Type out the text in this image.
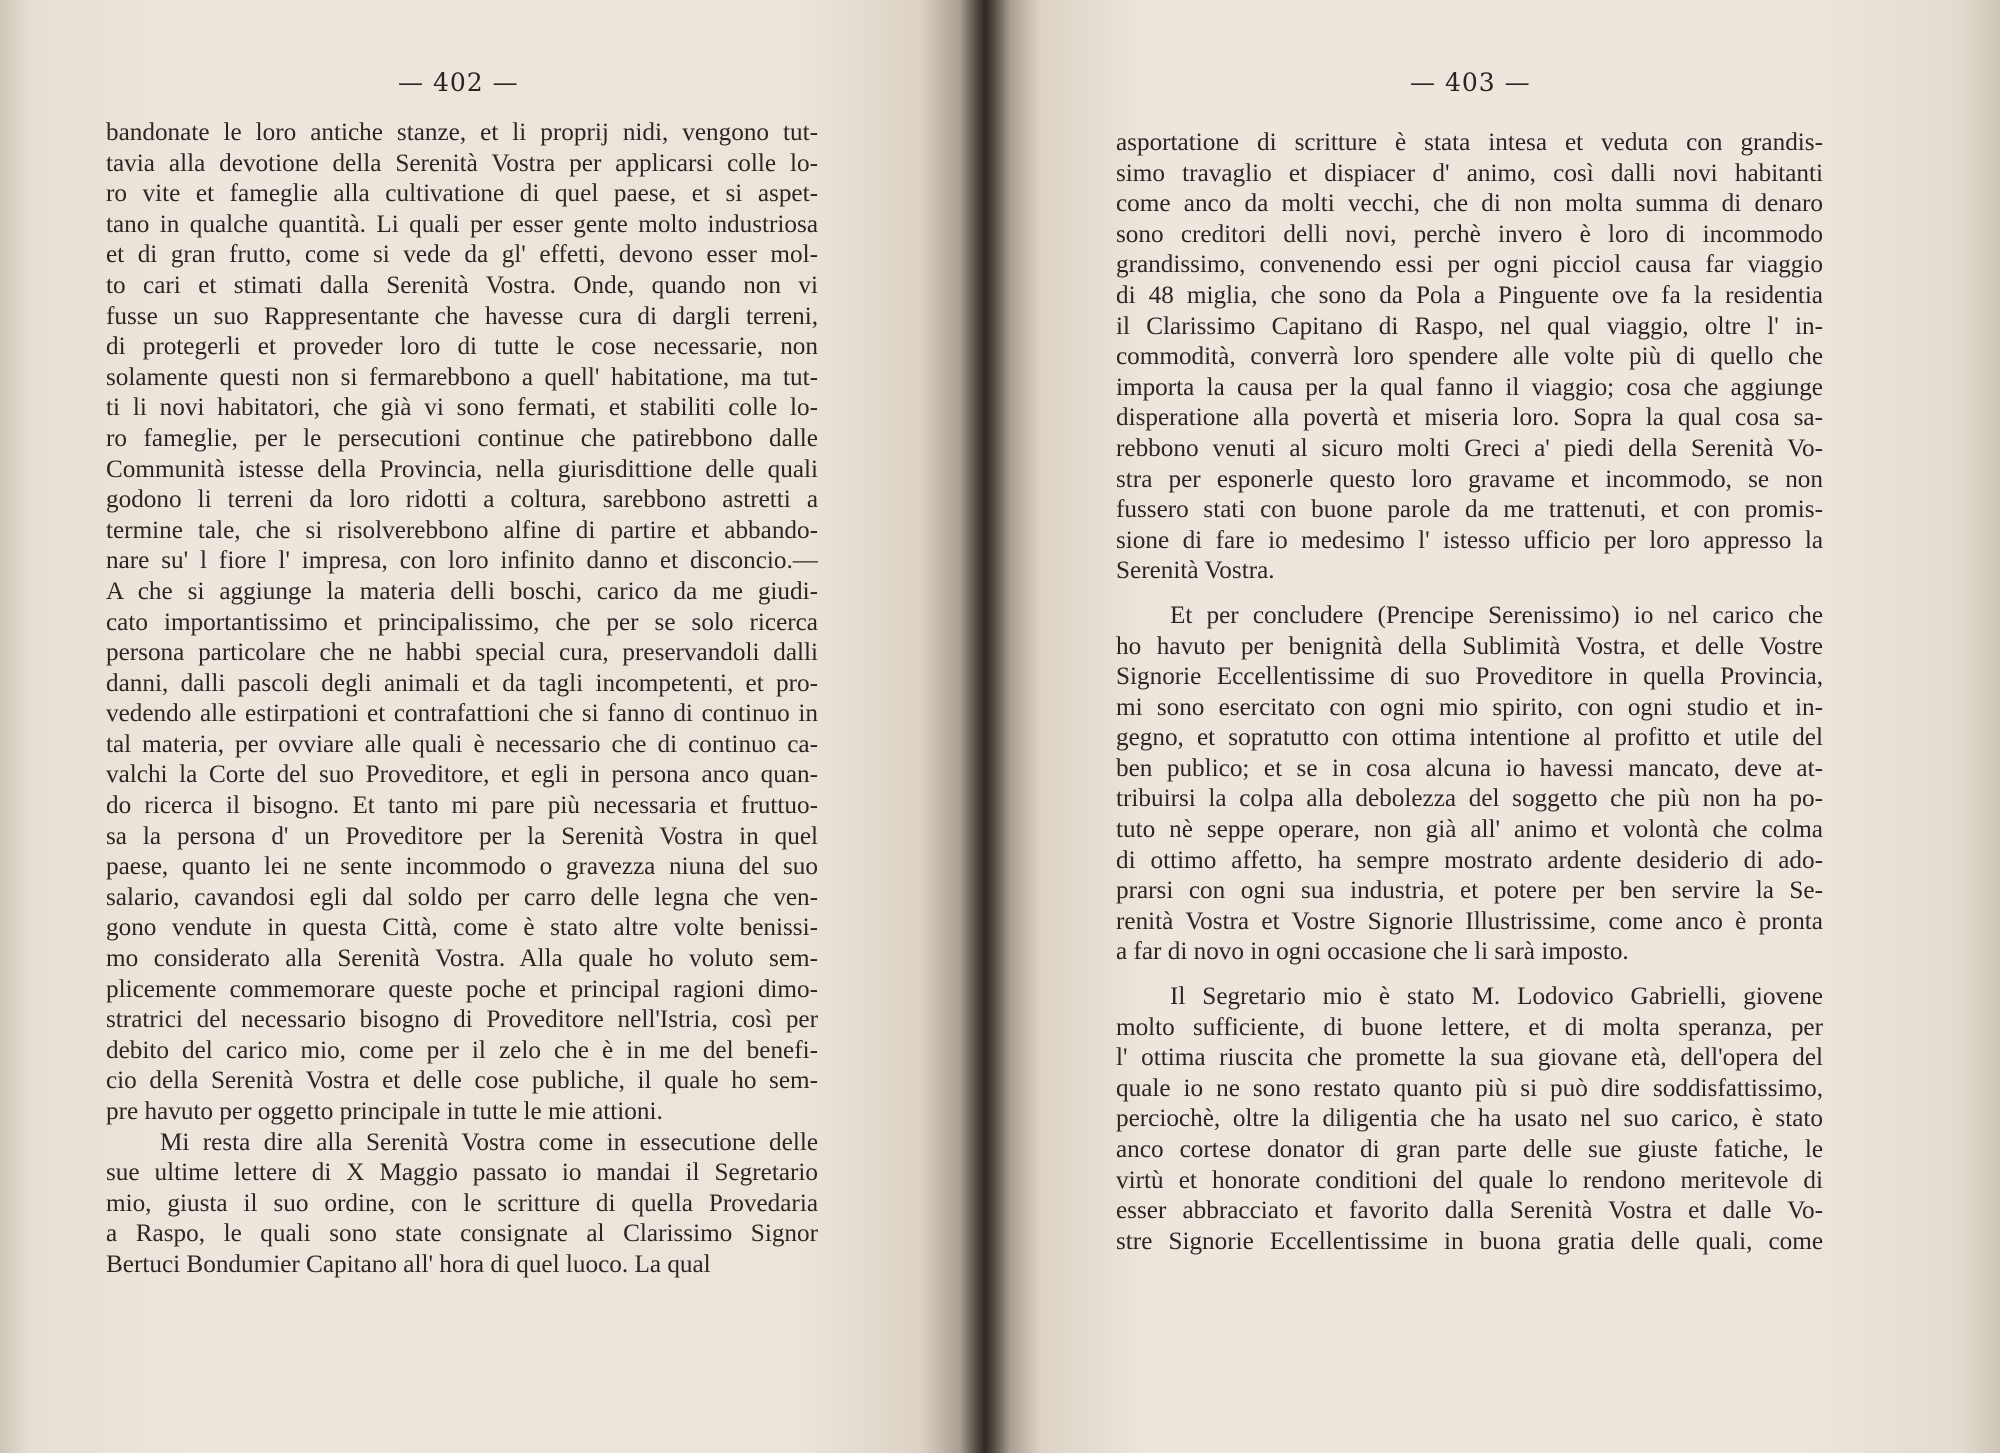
— 402 —
bandonate le loro antiche stanze, et li proprij nidi, vengono tut-
tavia alla devotione della Serenità Vostra per applicarsi colle lo-
ro vite et fameglie alla cultivatione di quel paese, et si aspet-
tano in qualche quantità. Li quali per esser gente molto industriosa
et di gran frutto, come si vede da gl' effetti, devono esser mol-
to cari et stimati dalla Serenità Vostra. Onde, quando non vi
fusse un suo Rappresentante che havesse cura di dargli terreni,
di protegerli et proveder loro di tutte le cose necessarie, non
solamente questi non si fermarebbono a quell' habitatione, ma tut-
ti li novi habitatori, che già vi sono fermati, et stabiliti colle lo-
ro fameglie, per le persecutioni continue che patirebbono dalle
Communità istesse della Provincia, nella giurisdittione delle quali
godono li terreni da loro ridotti a coltura, sarebbono astretti a
termine tale, che si risolverebbono alfine di partire et abbando-
nare su' l fiore l' impresa, con loro infinito danno et disconcio.—
A che si aggiunge la materia delli boschi, carico da me giudi-
cato importantissimo et principalissimo, che per se solo ricerca
persona particolare che ne habbi special cura, preservandoli dalli
danni, dalli pascoli degli animali et da tagli incompetenti, et pro-
vedendo alle estirpationi et contrafattioni che si fanno di continuo in
tal materia, per ovviare alle quali è necessario che di continuo ca-
valchi la Corte del suo Proveditore, et egli in persona anco quan-
do ricerca il bisogno. Et tanto mi pare più necessaria et fruttuo-
sa la persona d' un Proveditore per la Serenità Vostra in quel
paese, quanto lei ne sente incommodo o gravezza niuna del suo
salario, cavandosi egli dal soldo per carro delle legna che ven-
gono vendute in questa Città, come è stato altre volte benissi-
mo considerato alla Serenità Vostra. Alla quale ho voluto sem-
plicemente commemorare queste poche et principal ragioni dimo-
stratrici del necessario bisogno di Proveditore nell'Istria, così per
debito del carico mio, come per il zelo che è in me del benefi-
cio della Serenità Vostra et delle cose publiche, il quale ho sem-
pre havuto per oggetto principale in tutte le mie attioni.
Mi resta dire alla Serenità Vostra come in essecutione delle
sue ultime lettere di X Maggio passato io mandai il Segretario
mio, giusta il suo ordine, con le scritture di quella Provedaria
a Raspo, le quali sono state consignate al Clarissimo Signor
Bertuci Bondumier Capitano all' hora di quel luoco. La qual
— 403 —
asportatione di scritture è stata intesa et veduta con grandis-
simo travaglio et dispiacer d' animo, così dalli novi habitanti
come anco da molti vecchi, che di non molta summa di denaro
sono creditori delli novi, perchè invero è loro di incommodo
grandissimo, convenendo essi per ogni picciol causa far viaggio
di 48 miglia, che sono da Pola a Pinguente ove fa la residentia
il Clarissimo Capitano di Raspo, nel qual viaggio, oltre l' in-
commodità, converrà loro spendere alle volte più di quello che
importa la causa per la qual fanno il viaggio; cosa che aggiunge
disperatione alla povertà et miseria loro. Sopra la qual cosa sa-
rebbono venuti al sicuro molti Greci a' piedi della Serenità Vo-
stra per esponerle questo loro gravame et incommodo, se non
fussero stati con buone parole da me trattenuti, et con promis-
sione di fare io medesimo l' istesso ufficio per loro appresso la
Serenità Vostra.
Et per concludere (Prencipe Serenissimo) io nel carico che
ho havuto per benignità della Sublimità Vostra, et delle Vostre
Signorie Eccellentissime di suo Proveditore in quella Provincia,
mi sono esercitato con ogni mio spirito, con ogni studio et in-
gegno, et sopratutto con ottima intentione al profitto et utile del
ben publico; et se in cosa alcuna io havessi mancato, deve at-
tribuirsi la colpa alla debolezza del soggetto che più non ha po-
tuto nè seppe operare, non già all' animo et volontà che colma
di ottimo affetto, ha sempre mostrato ardente desiderio di ado-
prarsi con ogni sua industria, et potere per ben servire la Se-
renità Vostra et Vostre Signorie Illustrissime, come anco è pronta
a far di novo in ogni occasione che li sarà imposto.
Il Segretario mio è stato M. Lodovico Gabrielli, giovene
molto sufficiente, di buone lettere, et di molta speranza, per
l' ottima riuscita che promette la sua giovane età, dell'opera del
quale io ne sono restato quanto più si può dire soddisfattissimo,
perciochè, oltre la diligentia che ha usato nel suo carico, è stato
anco cortese donator di gran parte delle sue giuste fatiche, le
virtù et honorate conditioni del quale lo rendono meritevole di
esser abbracciato et favorito dalla Serenità Vostra et dalle Vo-
stre Signorie Eccellentissime in buona gratia delle quali, come
